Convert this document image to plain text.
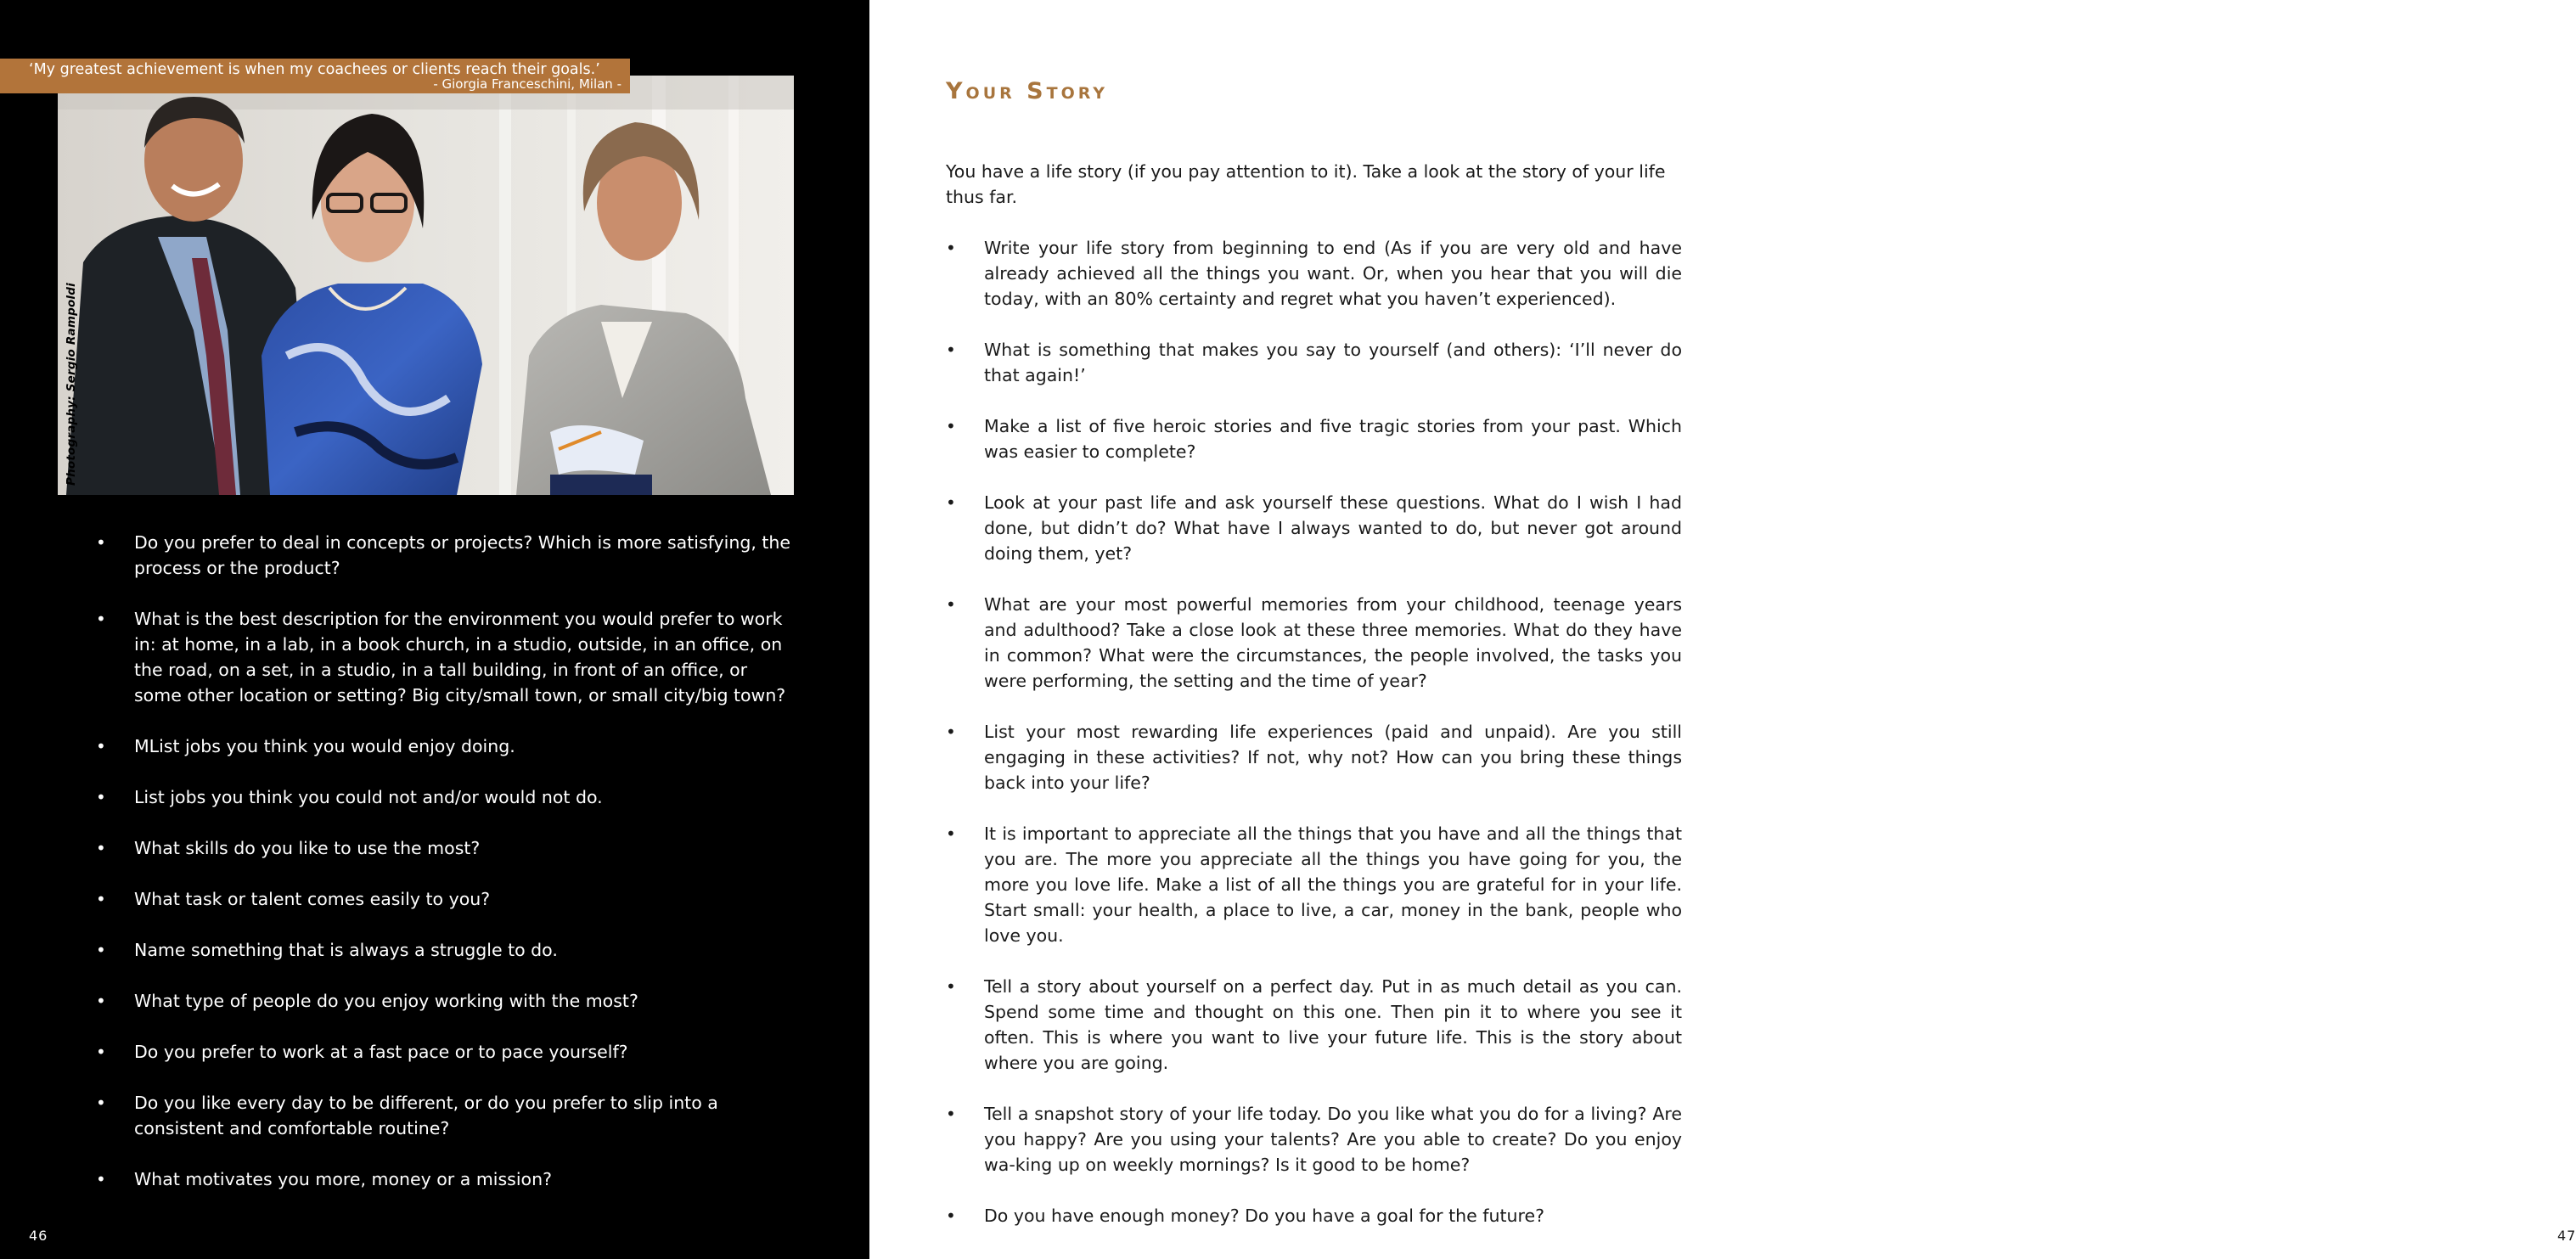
‘My greatest achievement is when my coachees or clients reach their goals.’
- Giorgia Franceschini, Milan -
Photography: Sergio Rampoldi
• Do you prefer to deal in concepts or projects? Which is more satisfying, the process or the product?
• What is the best description for the environment you would prefer to work in: at home, in a lab, in a book church, in a studio, outside, in an office, on the road, on a set, in a studio, in a tall building, in front of an office, or some other location or setting? Big city/small town, or small city/big town?
• MList jobs you think you would enjoy doing.
• List jobs you think you could not and/or would not do.
• What skills do you like to use the most?
• What task or talent comes easily to you?
• Name something that is always a struggle to do.
• What type of people do you enjoy working with the most?
• Do you prefer to work at a fast pace or to pace yourself?
• Do you like every day to be different, or do you prefer to slip into a consistent and comfortable routine?
• What motivates you more, money or a mission?
46	47
Your Story
You have a life story (if you pay attention to it). Take a look at the story of your life thus far.
• Write your life story from beginning to end (As if you are very old and have already achieved all the things you want. Or, when you hear that you will die today, with an 80% certainty and regret what you haven’t experienced).
• What is something that makes you say to yourself (and others): ‘I’ll never do that again!’
• Make a list of five heroic stories and five tragic stories from your past. Which was easier to complete?
• Look at your past life and ask yourself these questions. What do I wish I had done, but didn’t do? What have I always wanted to do, but never got around doing them, yet?
• What are your most powerful memories from your childhood, teenage years and adulthood? Take a close look at these three memories. What do they have in common? What were the circumstances, the people involved, the tasks you were performing, the setting and the time of year?
• List your most rewarding life experiences (paid and unpaid). Are you still engaging in these activities? If not, why not? How can you bring these things back into your life?
• It is important to appreciate all the things that you have and all the things that you are. The more you appreciate all the things you have going for you, the more you love life. Make a list of all the things you are grateful for in your life. Start small: your health, a place to live, a car, money in the bank, people who love you.
• Tell a story about yourself on a perfect day. Put in as much detail as you can. Spend some time and thought on this one. Then pin it to where you see it often. This is where you want to live your future life. This is the story about where you are going.
• Tell a snapshot story of your life today. Do you like what you do for a living? Are you happy? Are you using your talents? Are you able to create? Do you enjoy wa-king up on weekly mornings? Is it good to be home?
• Do you have enough money? Do you have a goal for the future?
